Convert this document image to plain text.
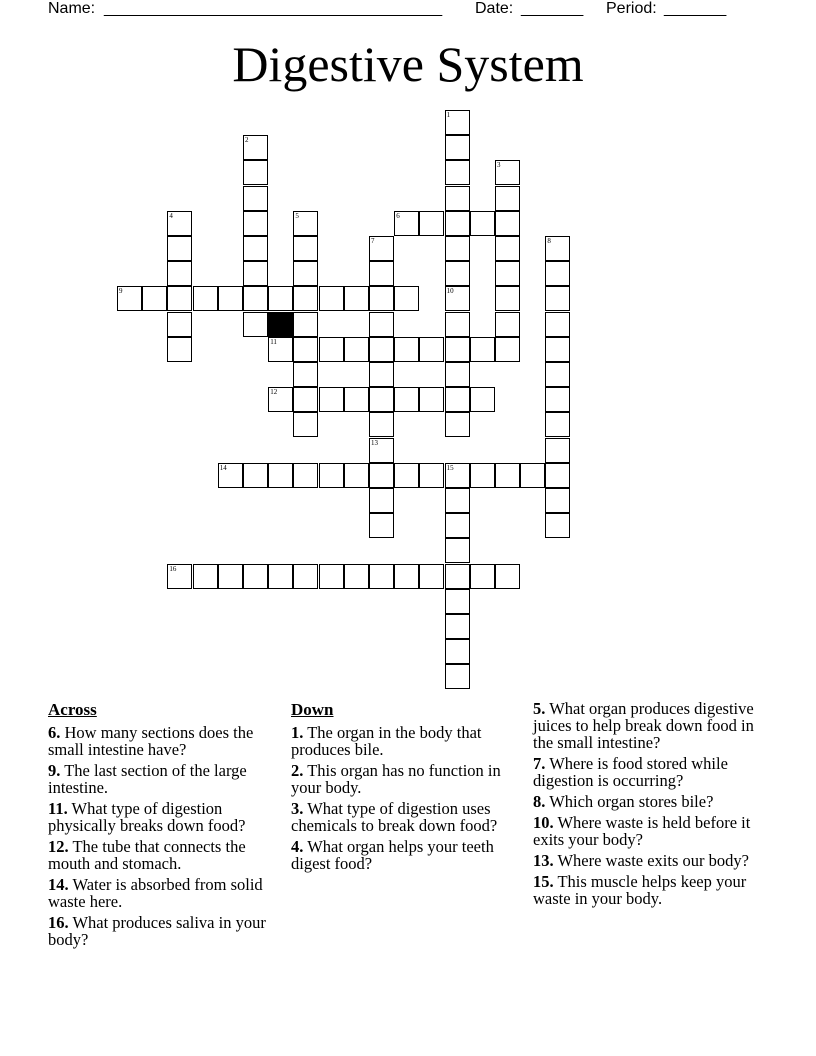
Name:

______________________________________

Date:

_______

Period:

_______

Digestive System
1
2
3
4	5	6
7	8
9	10
11
12
13
14	15
16
Across
6. How many sections does the small intestine have?
9. The last section of the large intestine.
11. What type of digestion physically breaks down food?
12. The tube that connects the mouth and stomach.
14. Water is absorbed from solid waste here.
16. What produces saliva in your body?
Down
1. The organ in the body that produces bile.
2. This organ has no function in your body.
3. What type of digestion uses chemicals to break down food?
4. What organ helps your teeth digest food?
5. What organ produces digestive juices to help break down food in the small intestine?
7. Where is food stored while digestion is occurring?
8. Which organ stores bile?
10. Where waste is held before it exits your body?
13. Where waste exits our body?
15. This muscle helps keep your waste in your body.
